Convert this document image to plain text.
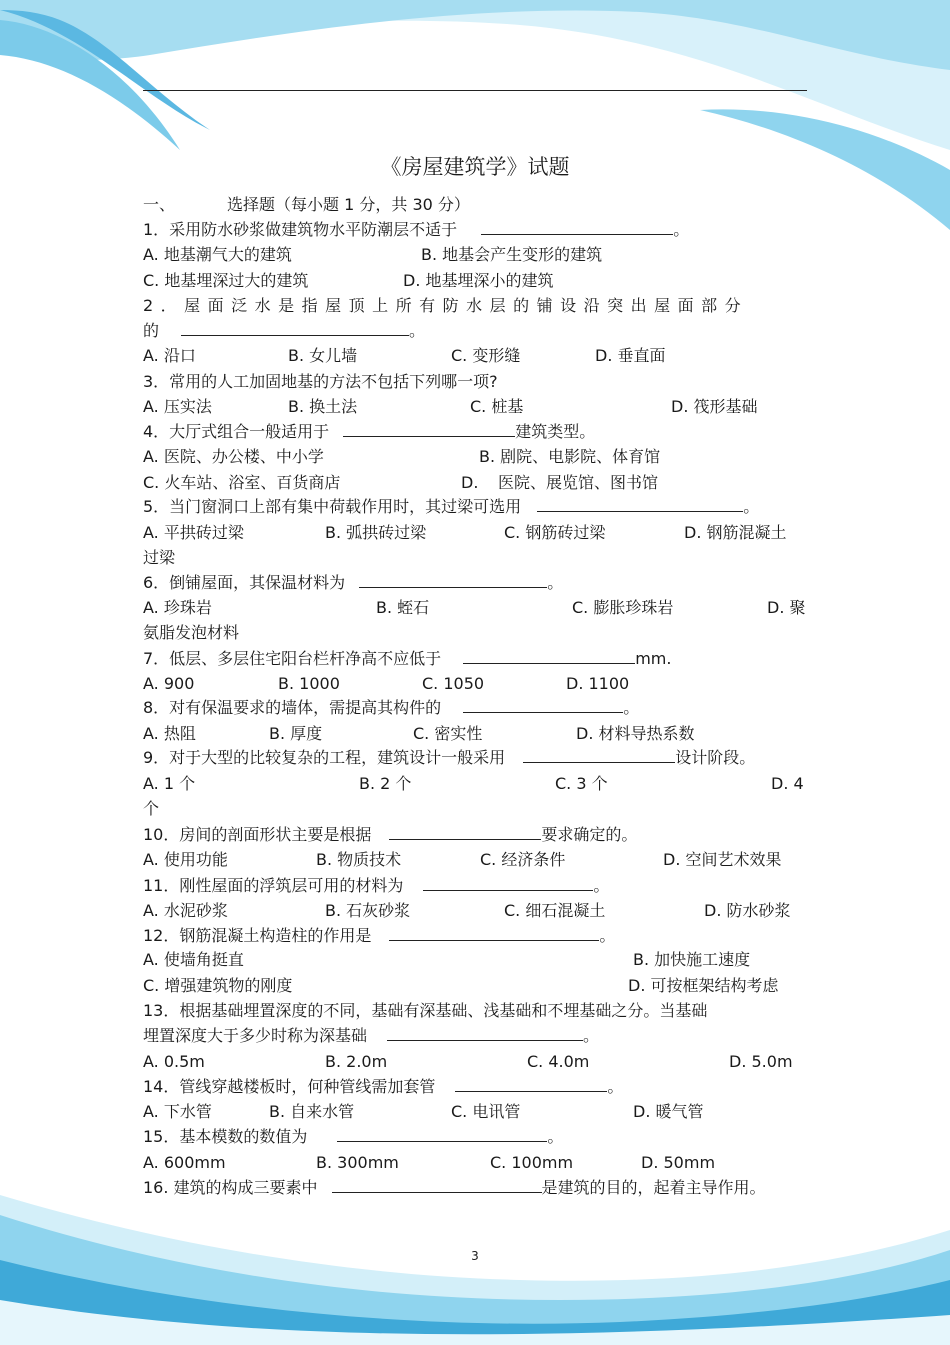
《房屋建筑学》试题
一、	选择题（每小题 1 分，共 30 分）
1．采用防水砂浆做建筑物水平防潮层不适于	。
A. 地基潮气大的建筑	B. 地基会产生变形的建筑
C. 地基埋深过大的建筑	D. 地基埋深小的建筑
2．屋面泛水是指屋顶上所有防水层的铺设沿突出屋面部分
的	。
A. 沿口	B. 女儿墙	C. 变形缝	D. 垂直面
3．常用的人工加固地基的方法不包括下列哪一项?
A. 压实法	B. 换土法	C. 桩基	D. 筏形基础
4．大厅式组合一般适用于	建筑类型。
A. 医院、办公楼、中小学	B. 剧院、电影院、体育馆
C. 火车站、浴室、百货商店	D. 医院、展览馆、图书馆
5．当门窗洞口上部有集中荷载作用时，其过梁可选用	。
A. 平拱砖过梁	B. 弧拱砖过梁	C. 钢筋砖过梁	D. 钢筋混凝土
过梁
6．倒铺屋面，其保温材料为	。
A. 珍珠岩	B. 蛭石	C. 膨胀珍珠岩	D. 聚
氨脂发泡材料
7．低层、多层住宅阳台栏杆净高不应低于	mm.
A. 900	B. 1000	C. 1050	D. 1100
8．对有保温要求的墙体，需提高其构件的	。
A. 热阻	B. 厚度	C. 密实性	D. 材料导热系数
9．对于大型的比较复杂的工程，建筑设计一般采用	设计阶段。
A. 1 个	B. 2 个	C. 3 个	D. 4
个
10．房间的剖面形状主要是根据	要求确定的。
A. 使用功能	B. 物质技术	C. 经济条件	D. 空间艺术效果
11．刚性屋面的浮筑层可用的材料为	。
A. 水泥砂浆	B. 石灰砂浆	C. 细石混凝土	D. 防水砂浆
12．钢筋混凝土构造柱的作用是	。
A. 使墙角挺直	B. 加快施工速度
C. 增强建筑物的刚度	D. 可按框架结构考虑
13．根据基础埋置深度的不同，基础有深基础、浅基础和不埋基础之分。当基础
埋置深度大于多少时称为深基础	。
A. 0.5m	B. 2.0m	C. 4.0m	D. 5.0m
14．管线穿越楼板时，何种管线需加套管	。
A. 下水管	B. 自来水管	C. 电讯管	D. 暖气管
15．基本模数的数值为	。
A. 600mm	B. 300mm	C. 100mm	D. 50mm
16. 建筑的构成三要素中	是建筑的目的，起着主导作用。
3
